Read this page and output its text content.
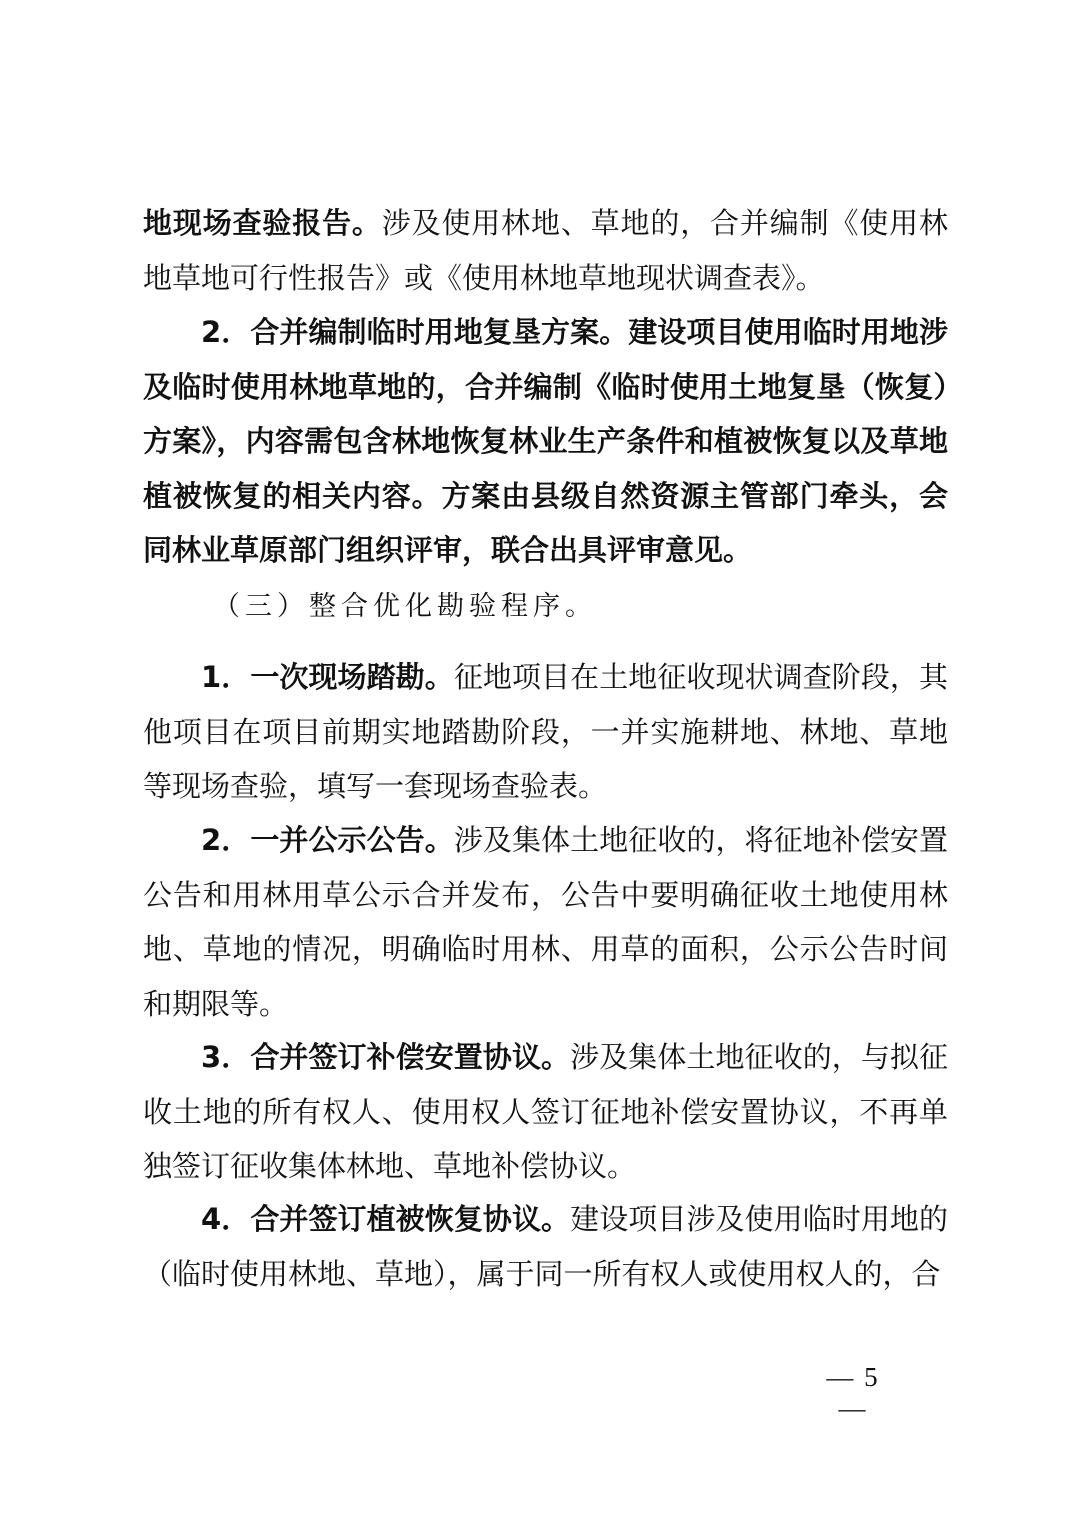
地现场查验报告。涉及使用林地、草地的，合并编制《使用林地草地可行性报告》或《使用林地草地现状调查表》。

2．合并编制临时用地复垦方案。建设项目使用临时用地涉及临时使用林地草地的，合并编制《临时使用土地复垦（恢复）方案》，内容需包含林地恢复林业生产条件和植被恢复以及草地植被恢复的相关内容。方案由县级自然资源主管部门牵头，会同林业草原部门组织评审，联合出具评审意见。

（三）整合优化勘验程序。

1．一次现场踏勘。征地项目在土地征收现状调查阶段，其他项目在项目前期实地踏勘阶段，一并实施耕地、林地、草地等现场查验，填写一套现场查验表。

2．一并公示公告。涉及集体土地征收的，将征地补偿安置公告和用林用草公示合并发布，公告中要明确征收土地使用林地、草地的情况，明确临时用林、用草的面积，公示公告时间和期限等。

3．合并签订补偿安置协议。涉及集体土地征收的，与拟征收土地的所有权人、使用权人签订征地补偿安置协议，不再单独签订征收集体林地、草地补偿协议。

4．合并签订植被恢复协议。建设项目涉及使用临时用地的（临时使用林地、草地），属于同一所有权人或使用权人的，合

— 5 —
